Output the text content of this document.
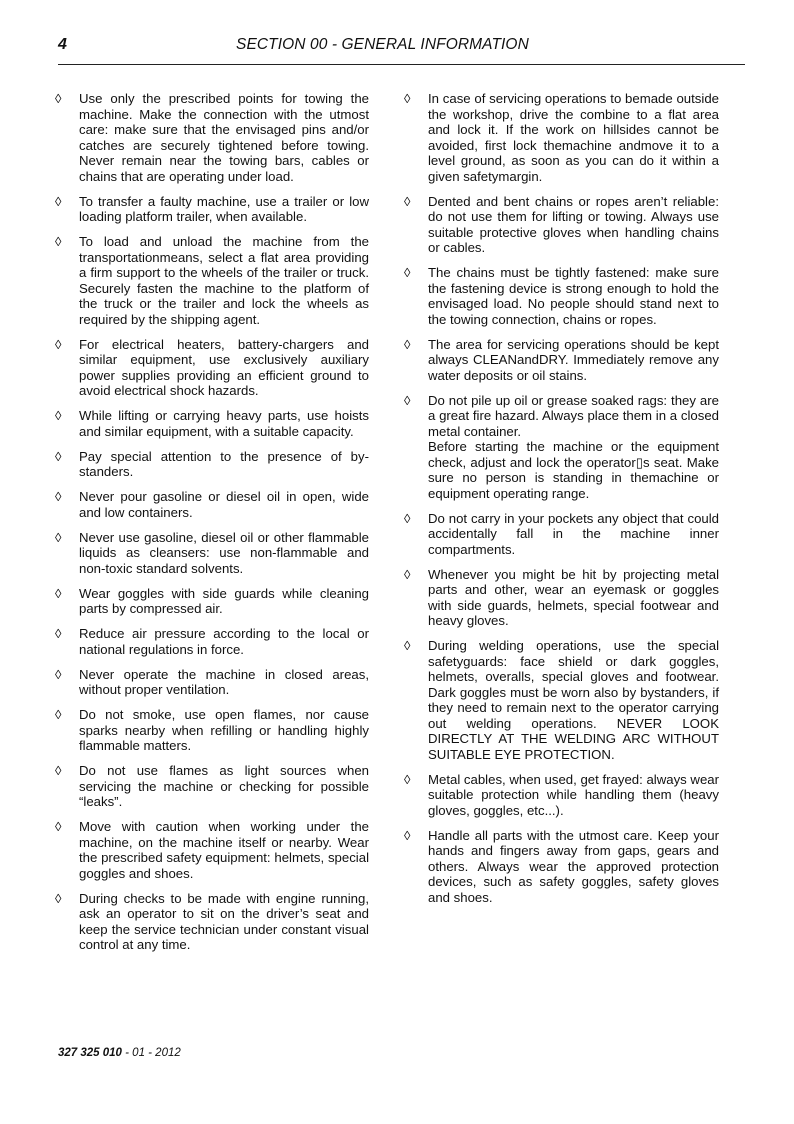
4	SECTION 00 - GENERAL INFORMATION
◊	Use only the prescribed points for towing the machine. Make the connection with the utmost care: make sure that the envisaged pins and/or catches are securely tightened before towing. Never remain near the towing bars, cables or chains that are operating under load.
◊	To transfer a faulty machine, use a trailer or low loading platform trailer, when available.
◊	To load and unload the machine from the transportationmeans, select a flat area providing a firm support to the wheels of the trailer or truck. Securely fasten the machine to the platform of the truck or the trailer and lock the wheels as required by the shipping agent.
◊	For electrical heaters, battery-chargers and similar equipment, use exclusively auxiliary power supplies providing an efficient ground to avoid electrical shock hazards.
◊	While lifting or carrying heavy parts, use hoists and similar equipment, with a suitable capacity.
◊	Pay special attention to the presence of by-standers.
◊	Never pour gasoline or diesel oil in open, wide and low containers.
◊	Never use gasoline, diesel oil or other flammable liquids as cleansers: use non-flammable and non-toxic standard solvents.
◊	Wear goggles with side guards while cleaning parts by compressed air.
◊	Reduce air pressure according to the local or national regulations in force.
◊	Never operate the machine in closed areas, without proper ventilation.
◊	Do not smoke, use open flames, nor cause sparks nearby when refilling or handling highly flammable matters.
◊	Do not use flames as light sources when servicing the machine or checking for possible “leaks”.
◊	Move with caution when working under the machine, on the machine itself or nearby. Wear the prescribed safety equipment: helmets, special goggles and shoes.
◊	During checks to be made with engine running, ask an operator to sit on the driver’s seat and keep the service technician under constant visual control at any time.
◊	In case of servicing operations to bemade outside the workshop, drive the combine to a flat area and lock it. If the work on hillsides cannot be avoided, first lock themachine andmove it to a level ground, as soon as you can do it within a given safetymargin.
◊	Dented and bent chains or ropes aren’t reliable: do not use them for lifting or towing. Always use suitable protective gloves when handling chains or cables.
◊	The chains must be tightly fastened: make sure the fastening device is strong enough to hold the envisaged load. No people should stand next to the towing connection, chains or ropes.
◊	The area for servicing operations should be kept always CLEANandDRY. Immediately remove any water deposits or oil stains.
◊	Do not pile up oil or grease soaked rags: they are a great fire hazard. Always place them in a closed metal container.
Before starting the machine or the equipment check, adjust and lock the operator▯s seat. Make sure no person is standing in themachine or equipment operating range.
◊	Do not carry in your pockets any object that could accidentally fall in the machine inner compartments.
◊	Whenever you might be hit by projecting metal parts and other, wear an eyemask or goggles with side guards, helmets, special footwear and heavy gloves.
◊	During welding operations, use the special safetyguards: face shield or dark goggles, helmets, overalls, special gloves and footwear. Dark goggles must be worn also by bystanders, if they need to remain next to the operator carrying out welding operations. NEVER LOOK DIRECTLY AT THE WELDING ARC WITHOUT SUITABLE EYE PROTECTION.
◊	Metal cables, when used, get frayed: always wear suitable protection while handling them (heavy gloves, goggles, etc...).
◊	Handle all parts with the utmost care. Keep your hands and fingers away from gaps, gears and others. Always wear the approved protection devices, such as safety goggles, safety gloves and shoes.
327 325 010 - 01 - 2012
